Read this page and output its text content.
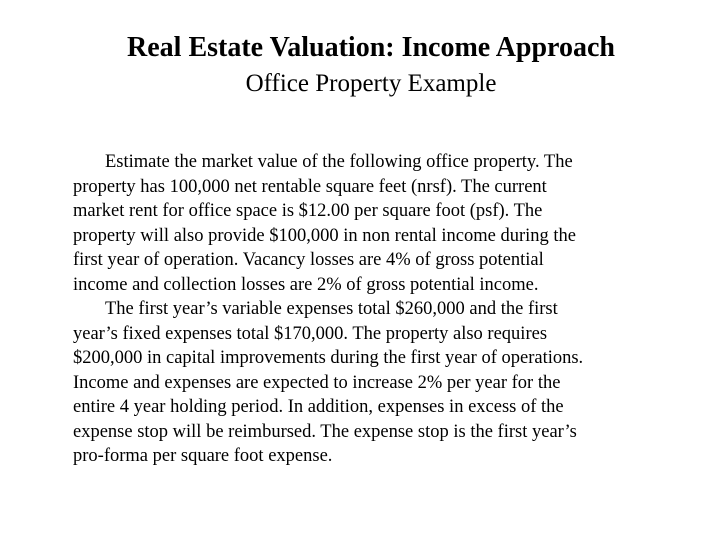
Real Estate Valuation: Income Approach
Office Property Example
Estimate the market value of the following office property. The
property has 100,000 net rentable square feet (nrsf). The current
market rent for office space is $12.00 per square foot (psf). The
property will also provide $100,000 in non rental income during the
first year of operation. Vacancy losses are 4% of gross potential
income and collection losses are 2% of gross potential income.
The first year’s variable expenses total $260,000 and the first
year’s fixed expenses total $170,000. The property also requires
$200,000 in capital improvements during the first year of operations.
Income and expenses are expected to increase 2% per year for the
entire 4 year holding period. In addition, expenses in excess of the
expense stop will be reimbursed. The expense stop is the first year’s
pro-forma per square foot expense.
